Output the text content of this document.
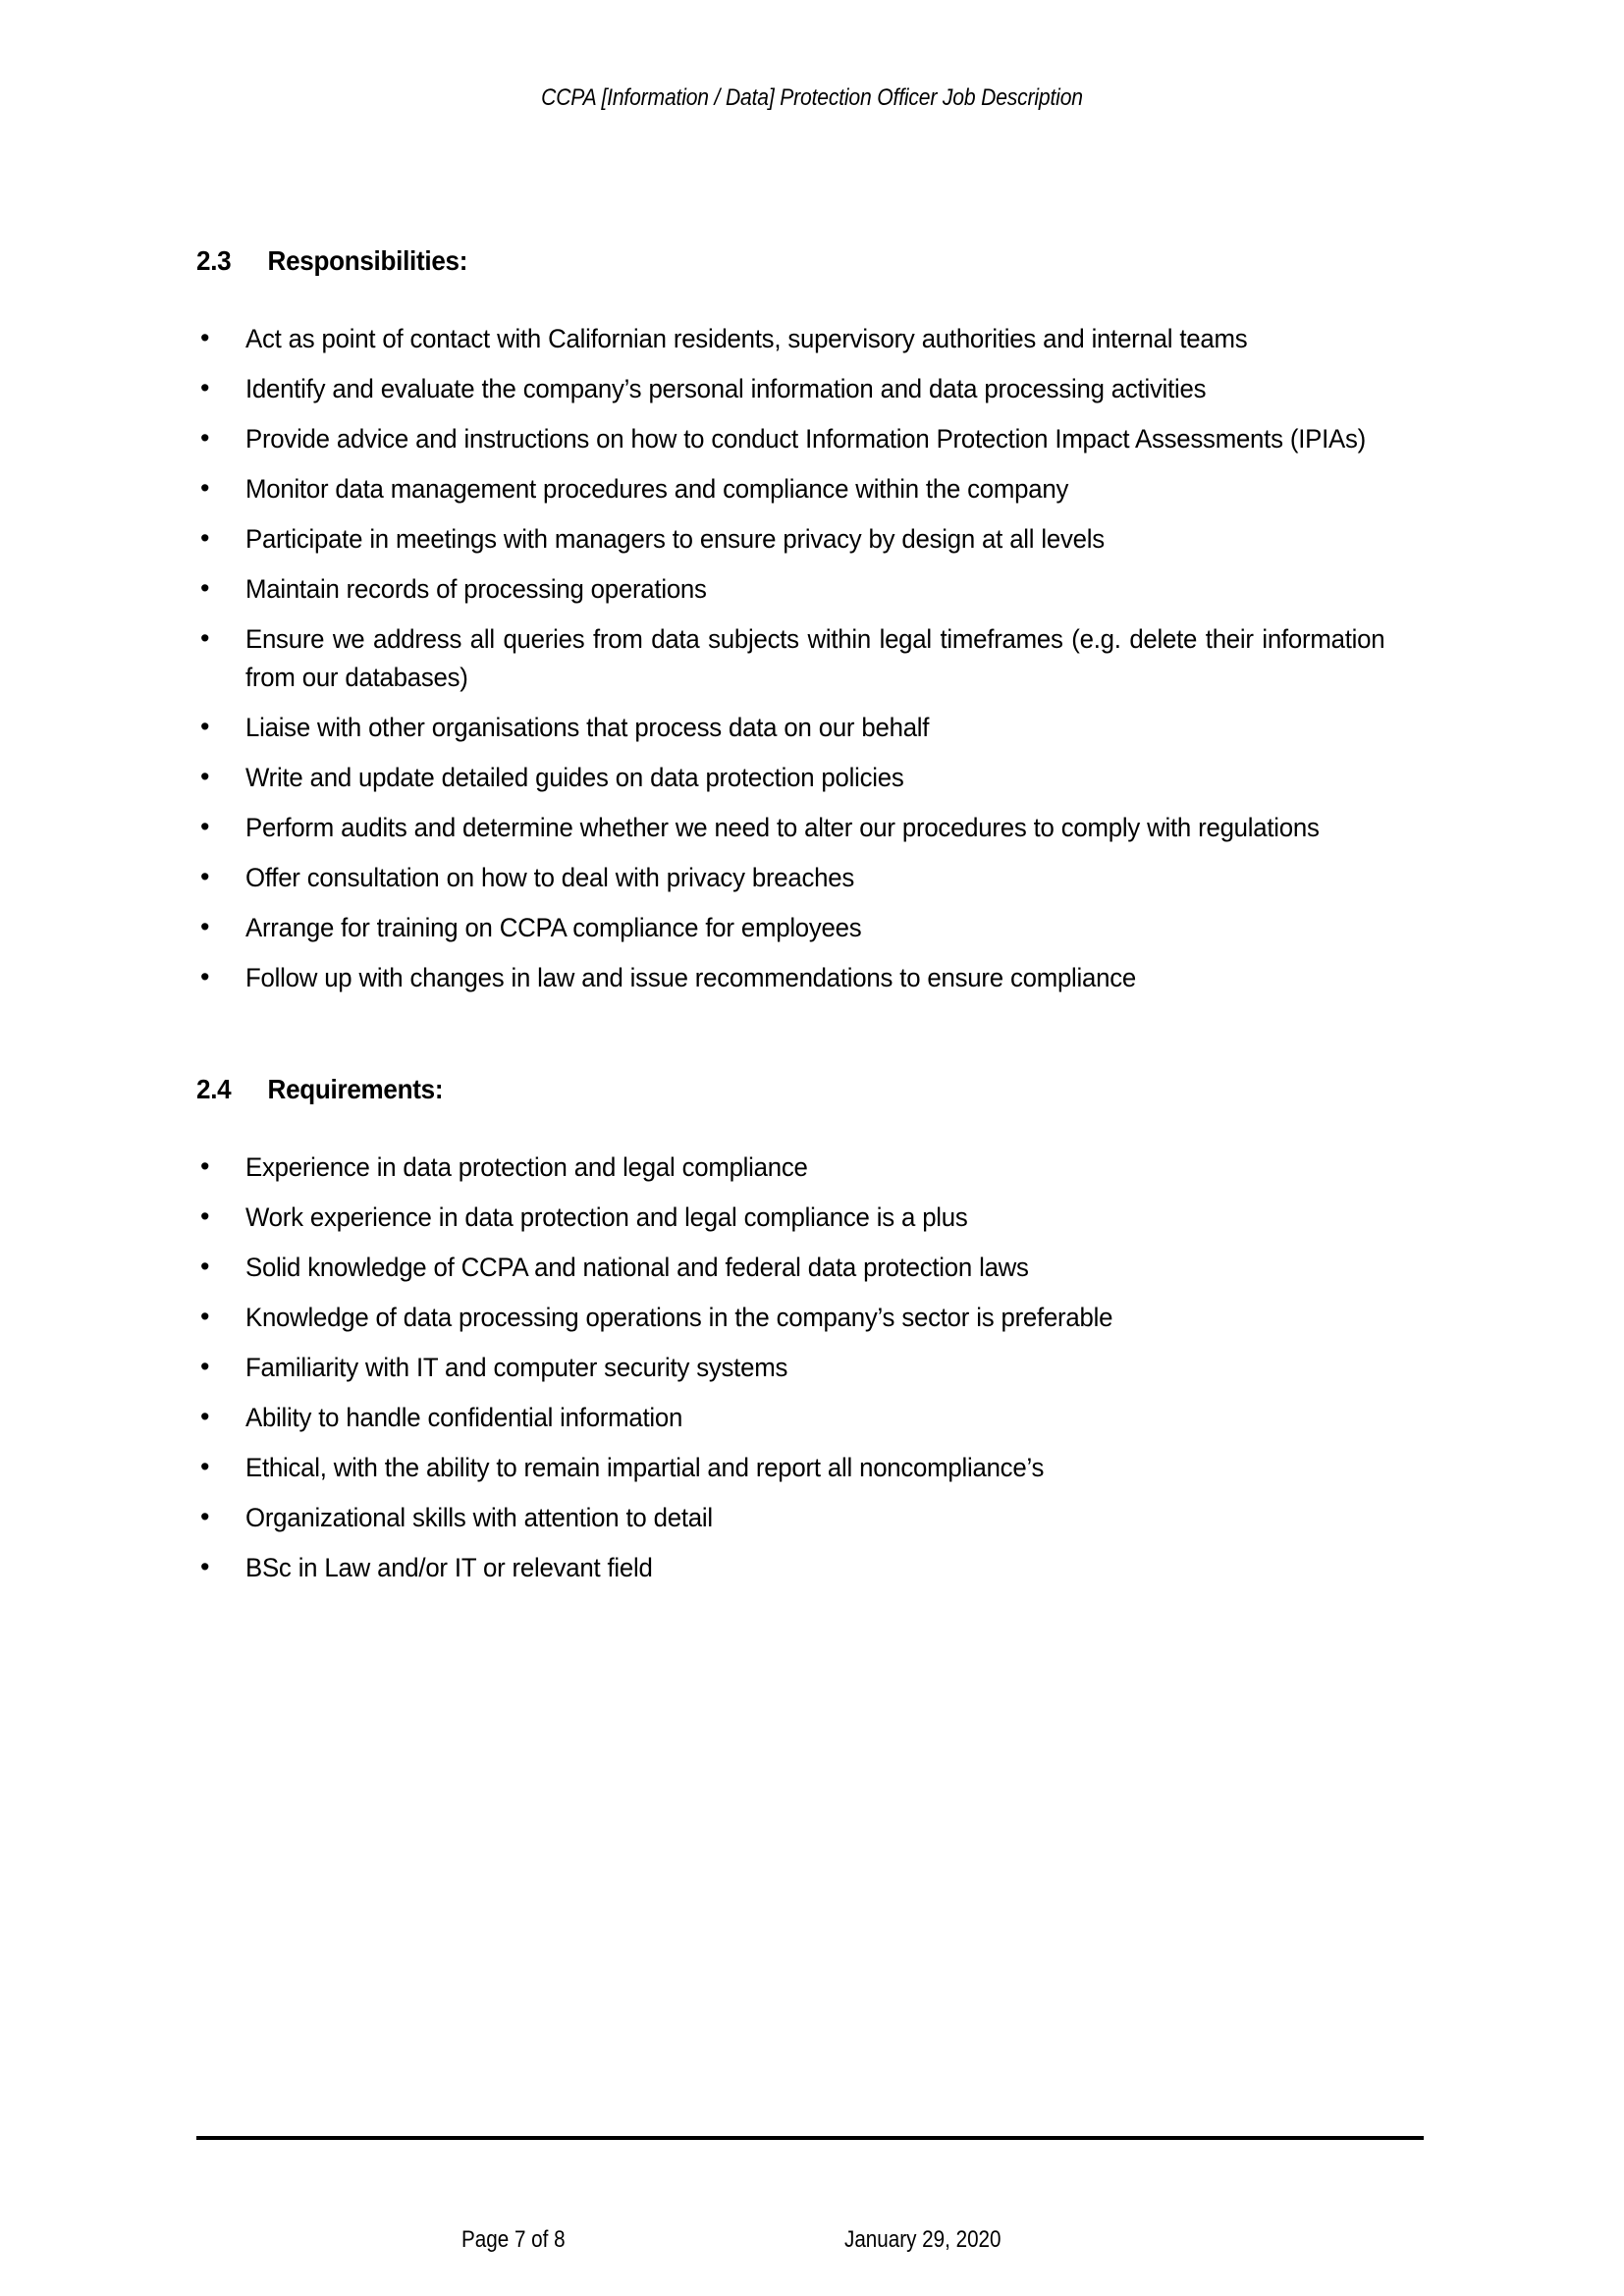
CCPA [Information / Data] Protection Officer Job Description
2.3	Responsibilities:
• Act as point of contact with Californian residents, supervisory authorities and internal teams
• Identify and evaluate the company’s personal information and data processing activities
• Provide advice and instructions on how to conduct Information Protection Impact Assessments (IPIAs)
• Monitor data management procedures and compliance within the company
• Participate in meetings with managers to ensure privacy by design at all levels
• Maintain records of processing operations
• Ensure we address all queries from data subjects within legal timeframes (e.g. delete their information from our databases)
• Liaise with other organisations that process data on our behalf
• Write and update detailed guides on data protection policies
• Perform audits and determine whether we need to alter our procedures to comply with regulations
• Offer consultation on how to deal with privacy breaches
• Arrange for training on CCPA compliance for employees
• Follow up with changes in law and issue recommendations to ensure compliance
2.4	Requirements:
• Experience in data protection and legal compliance
• Work experience in data protection and legal compliance is a plus
• Solid knowledge of CCPA and national and federal data protection laws
• Knowledge of data processing operations in the company’s sector is preferable
• Familiarity with IT and computer security systems
• Ability to handle confidential information
• Ethical, with the ability to remain impartial and report all noncompliance’s
• Organizational skills with attention to detail
• BSc in Law and/or IT or relevant field
Page 7 of 8	January 29, 2020
